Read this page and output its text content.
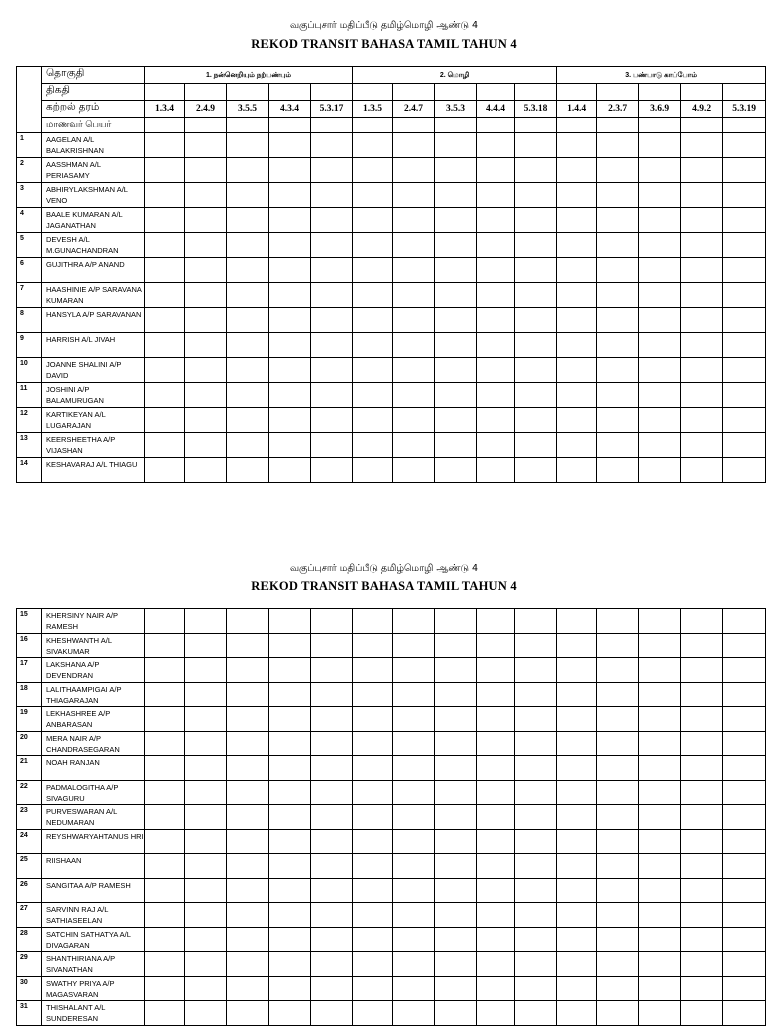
வகுப்புசார் மதிப்பீடு தமிழ்மொழி ஆண்டு 4
REKOD TRANSIT BAHASA TAMIL TAHUN 4
	தொகுதி	1. நன்னெறியும் நற்பண்பும்					2. மொழி					3. பண்பாடு காப்போம்				
	திகதி															
	கற்றல் தரம்	1.3.4	2.4.9	3.5.5	4.3.4	5.3.17	1.3.5	2.4.7	3.5.3	4.4.4	5.3.18	1.4.4	2.3.7	3.6.9	4.9.2	5.3.19
	மாணவர் பெயர்															
1	AAGELAN A/L BALAKRISHNAN															
2	AASSHMAN A/L PERIASAMY															
3	ABHIRYLAKSHMAN A/L VENO															
4	BAALE KUMARAN A/L JAGANATHAN															
5	DEVESH A/L M.GUNACHANDRAN															
6	GUJITHRA A/P ANAND															
7	HAASHINIE A/P SARAVANA KUMARAN															
8	HANSYLA A/P SARAVANAN															
9	HARRISH A/L JIVAH															
10	JOANNE SHALINI A/P DAVID															
11	JOSHINI A/P BALAMURUGAN															
12	KARTIKEYAN A/L LUGARAJAN															
13	KEERSHEETHA A/P VIJASHAN															
14	KESHAVARAJ A/L THIAGU															
வகுப்புசார் மதிப்பீடு தமிழ்மொழி ஆண்டு 4
REKOD TRANSIT BAHASA TAMIL TAHUN 4
15	KHERSINY NAIR A/P RAMESH															
16	KHESHWANTH A/L SIVAKUMAR															
17	LAKSHANA A/P DEVENDRAN															
18	LALITHAAMPIGAI A/P THIAGARAJAN															
19	LEKHASHREE A/P ANBARASAN															
20	MERA NAIR A/P CHANDRASEGARAN															
21	NOAH RANJAN															
22	PADMALOGITHA A/P SIVAGURU															
23	PURVESWARAN A/L NEDUMARAN															
24	REYSHWARYAHTANUS HRI															
25	RIISHAAN															
26	SANGITAA A/P RAMESH															
27	SARVINN RAJ A/L SATHIASEELAN															
28	SATCHIN SATHATYA A/L DIVAGARAN															
29	SHANTHIRIANA A/P SIVANATHAN															
30	SWATHY PRIYA A/P MAGASVARAN															
31	THISHALANT A/L SUNDERESAN															
